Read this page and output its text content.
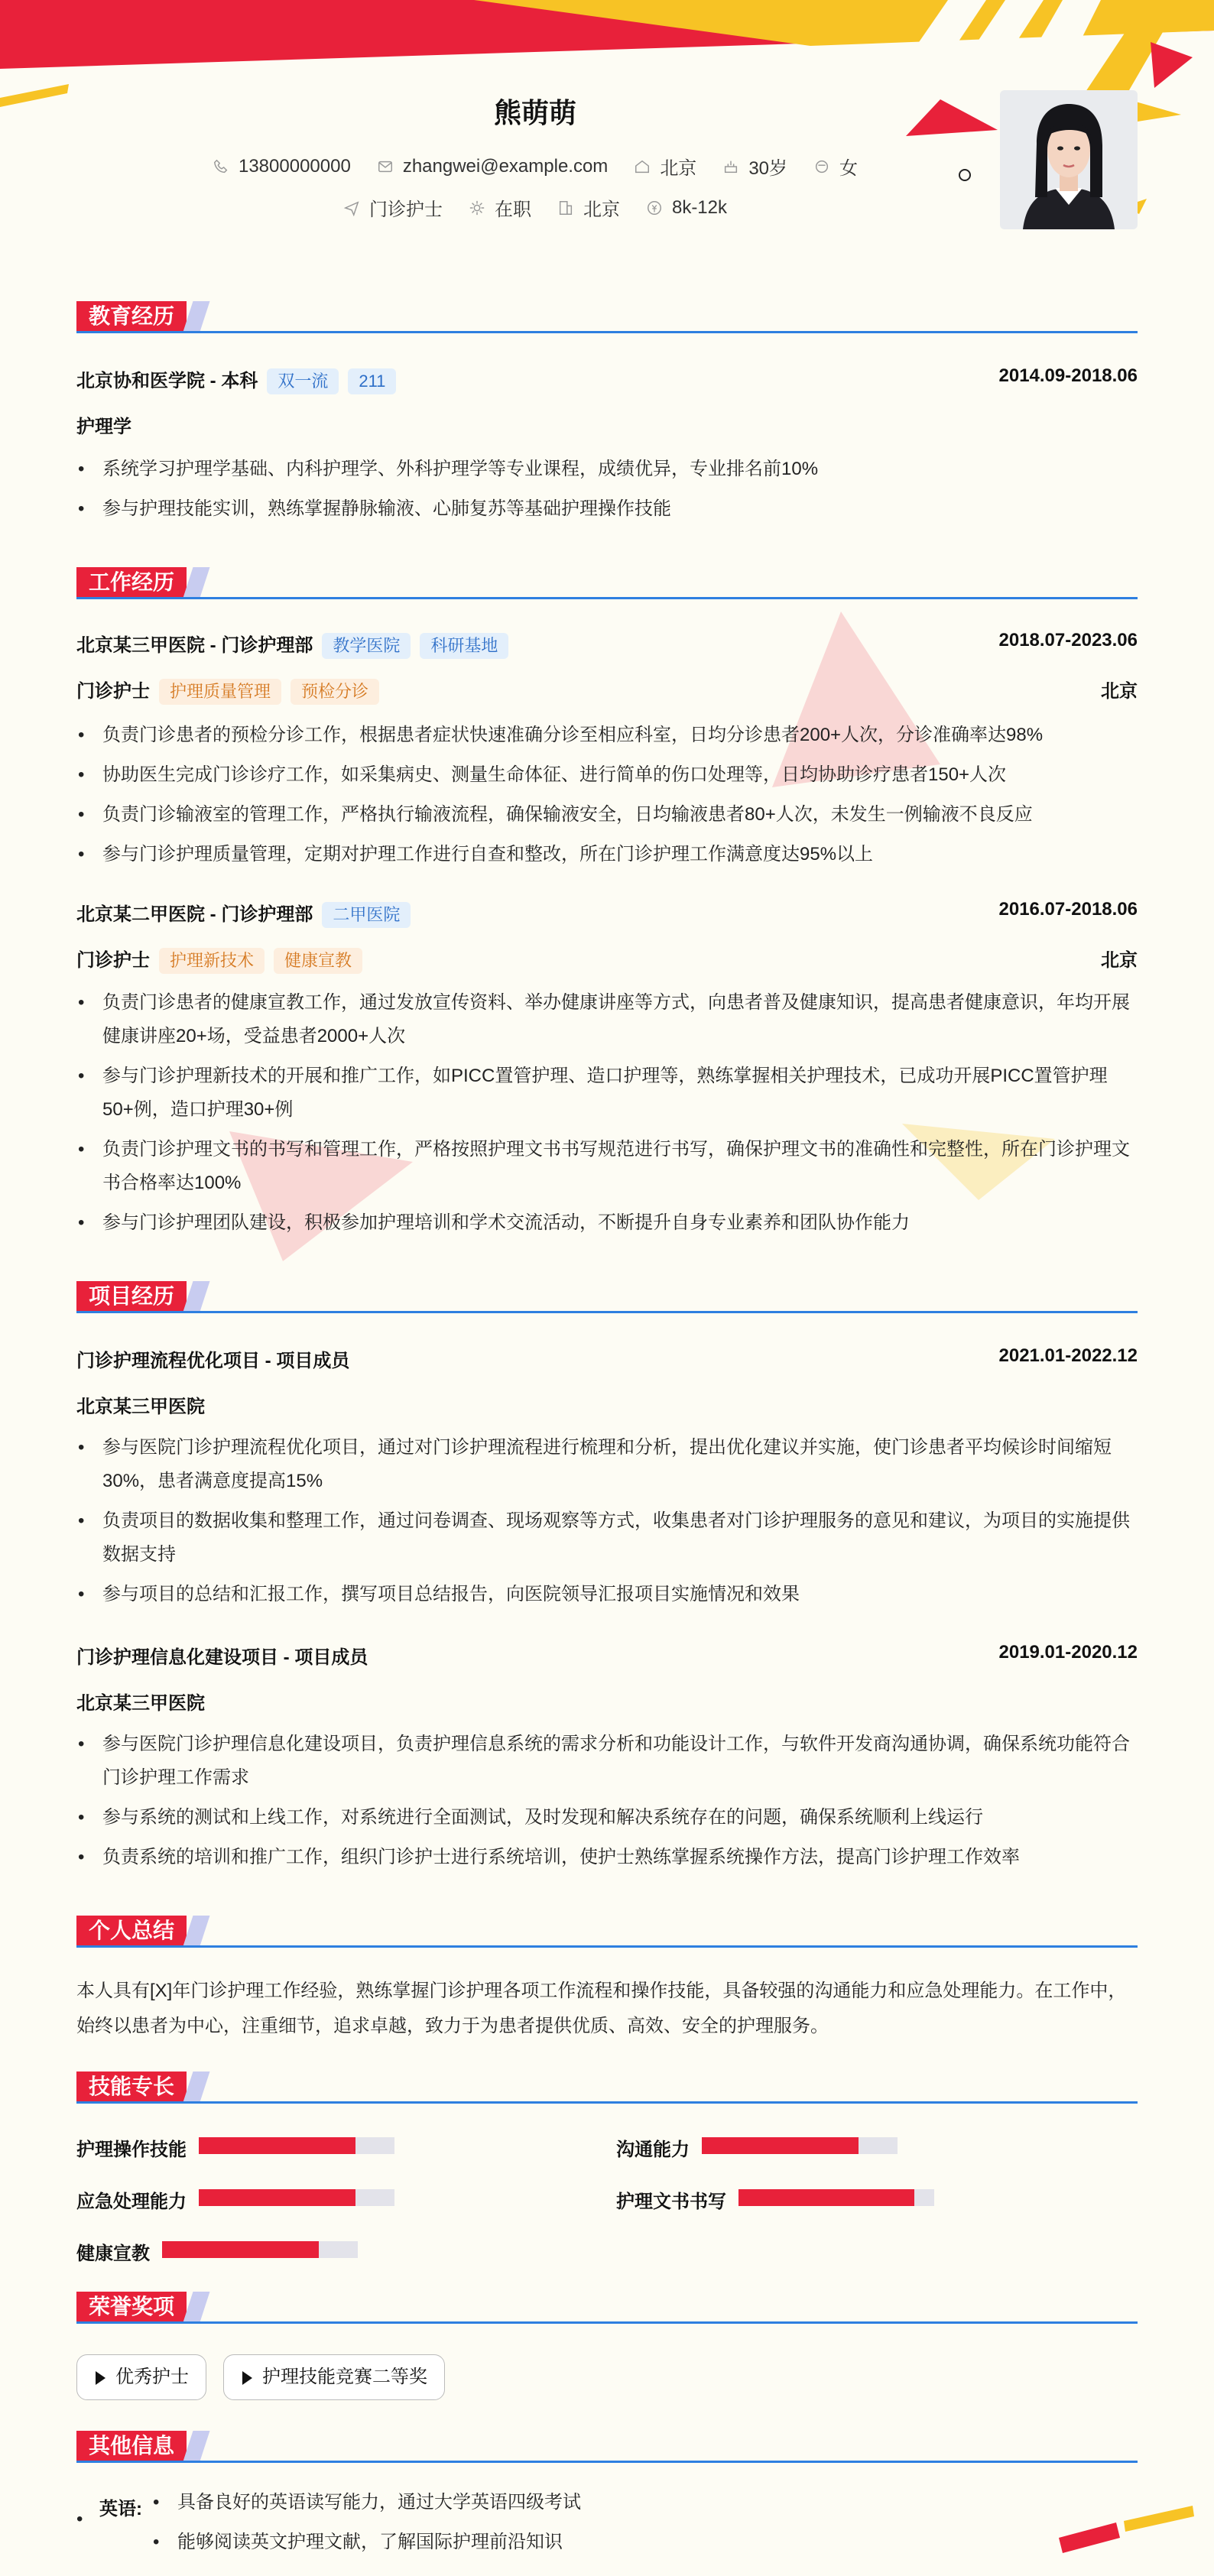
熊萌萌
13800000000	zhangwei@example.com	北京	30岁	女
门诊护士	在职	北京	8k-12k
教育经历
北京协和医学院 - 本科 双一流 211	2014.09-2018.06
护理学
• 系统学习护理学基础、内科护理学、外科护理学等专业课程，成绩优异，专业排名前10%
• 参与护理技能实训，熟练掌握静脉输液、心肺复苏等基础护理操作技能
工作经历
北京某三甲医院 - 门诊护理部 教学医院 科研基地	2018.07-2023.06
门诊护士 护理质量管理 预检分诊	北京
• 负责门诊患者的预检分诊工作，根据患者症状快速准确分诊至相应科室，日均分诊患者200+人次，分诊准确率达98%
• 协助医生完成门诊诊疗工作，如采集病史、测量生命体征、进行简单的伤口处理等，日均协助诊疗患者150+人次
• 负责门诊输液室的管理工作，严格执行输液流程，确保输液安全，日均输液患者80+人次，未发生一例输液不良反应
• 参与门诊护理质量管理，定期对护理工作进行自查和整改，所在门诊护理工作满意度达95%以上
北京某二甲医院 - 门诊护理部 二甲医院	2016.07-2018.06
门诊护士 护理新技术 健康宣教	北京
• 负责门诊患者的健康宣教工作，通过发放宣传资料、举办健康讲座等方式，向患者普及健康知识，提高患者健康意识，年均开展健康讲座20+场，受益患者2000+人次
• 参与门诊护理新技术的开展和推广工作，如PICC置管护理、造口护理等，熟练掌握相关护理技术，已成功开展PICC置管护理50+例，造口护理30+例
• 负责门诊护理文书的书写和管理工作，严格按照护理文书书写规范进行书写，确保护理文书的准确性和完整性，所在门诊护理文书合格率达100%
• 参与门诊护理团队建设，积极参加护理培训和学术交流活动，不断提升自身专业素养和团队协作能力
项目经历
门诊护理流程优化项目 - 项目成员	2021.01-2022.12
北京某三甲医院
• 参与医院门诊护理流程优化项目，通过对门诊护理流程进行梳理和分析，提出优化建议并实施，使门诊患者平均候诊时间缩短30%，患者满意度提高15%
• 负责项目的数据收集和整理工作，通过问卷调查、现场观察等方式，收集患者对门诊护理服务的意见和建议，为项目的实施提供数据支持
• 参与项目的总结和汇报工作，撰写项目总结报告，向医院领导汇报项目实施情况和效果
门诊护理信息化建设项目 - 项目成员	2019.01-2020.12
北京某三甲医院
• 参与医院门诊护理信息化建设项目，负责护理信息系统的需求分析和功能设计工作，与软件开发商沟通协调，确保系统功能符合门诊护理工作需求
• 参与系统的测试和上线工作，对系统进行全面测试，及时发现和解决系统存在的问题，确保系统顺利上线运行
• 负责系统的培训和推广工作，组织门诊护士进行系统培训，使护士熟练掌握系统操作方法，提高门诊护理工作效率
个人总结
本人具有[X]年门诊护理工作经验，熟练掌握门诊护理各项工作流程和操作技能，具备较强的沟通能力和应急处理能力。在工作中，始终以患者为中心，注重细节，追求卓越，致力于为患者提供优质、高效、安全的护理服务。
技能专长
护理操作技能	沟通能力
应急处理能力	护理文书书写
健康宣教
荣誉奖项
优秀护士	护理技能竞赛二等奖
其他信息
• 英语:
•	具备良好的英语读写能力，通过大学英语四级考试
• 能够阅读英文护理文献，了解国际护理前沿知识
